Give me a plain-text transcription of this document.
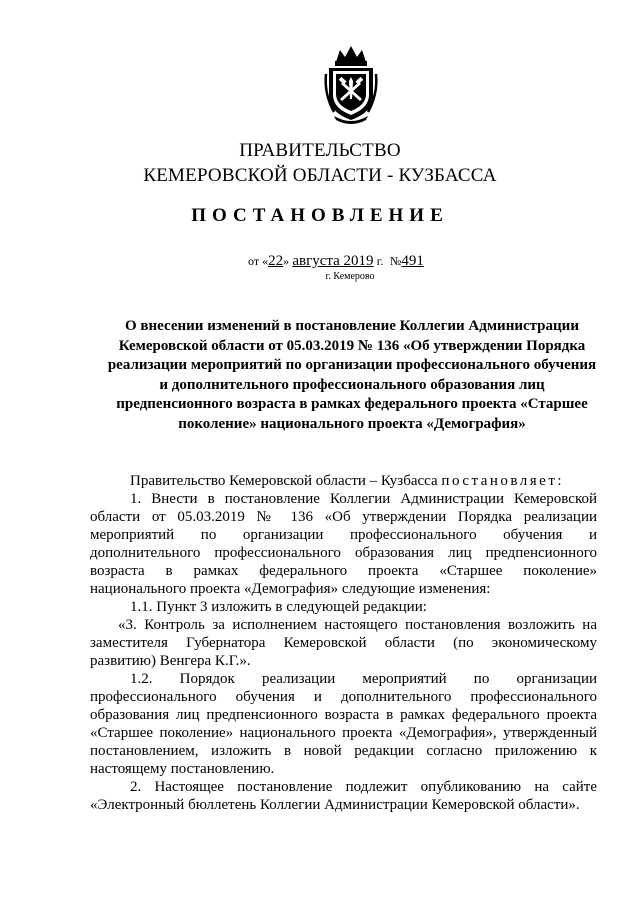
ПРАВИТЕЛЬСТВО
КЕМЕРОВСКОЙ ОБЛАСТИ - КУЗБАССА
ПОСТАНОВЛЕНИЕ
от «22» августа 2019 г. №491
г. Кемерово
О внесении изменений в постановление Коллегии Администрации
Кемеровской области от 05.03.2019 № 136 «Об утверждении Порядка
реализации мероприятий по организации профессионального обучения
и дополнительного профессионального образования лиц
предпенсионного возраста в рамках федерального проекта «Старшее
поколение» национального проекта «Демография»
Правительство Кемеровской области – Кузбасса постановляет:
1. Внести в постановление Коллегии Администрации Кемеровской
области от 05.03.2019 № 136 «Об утверждении Порядка реализации
мероприятий по организации профессионального обучения и
дополнительного профессионального образования лиц предпенсионного
возраста в рамках федерального проекта «Старшее поколение»
национального проекта «Демография» следующие изменения:
1.1. Пункт 3 изложить в следующей редакции:
«3. Контроль за исполнением настоящего постановления возложить на
заместителя Губернатора Кемеровской области (по экономическому
развитию) Венгера К.Г.».
1.2. Порядок реализации мероприятий по организации
профессионального обучения и дополнительного профессионального
образования лиц предпенсионного возраста в рамках федерального проекта
«Старшее поколение» национального проекта «Демография», утвержденный
постановлением, изложить в новой редакции согласно приложению к
настоящему постановлению.
2. Настоящее постановление подлежит опубликованию на сайте
«Электронный бюллетень Коллегии Администрации Кемеровской области».
